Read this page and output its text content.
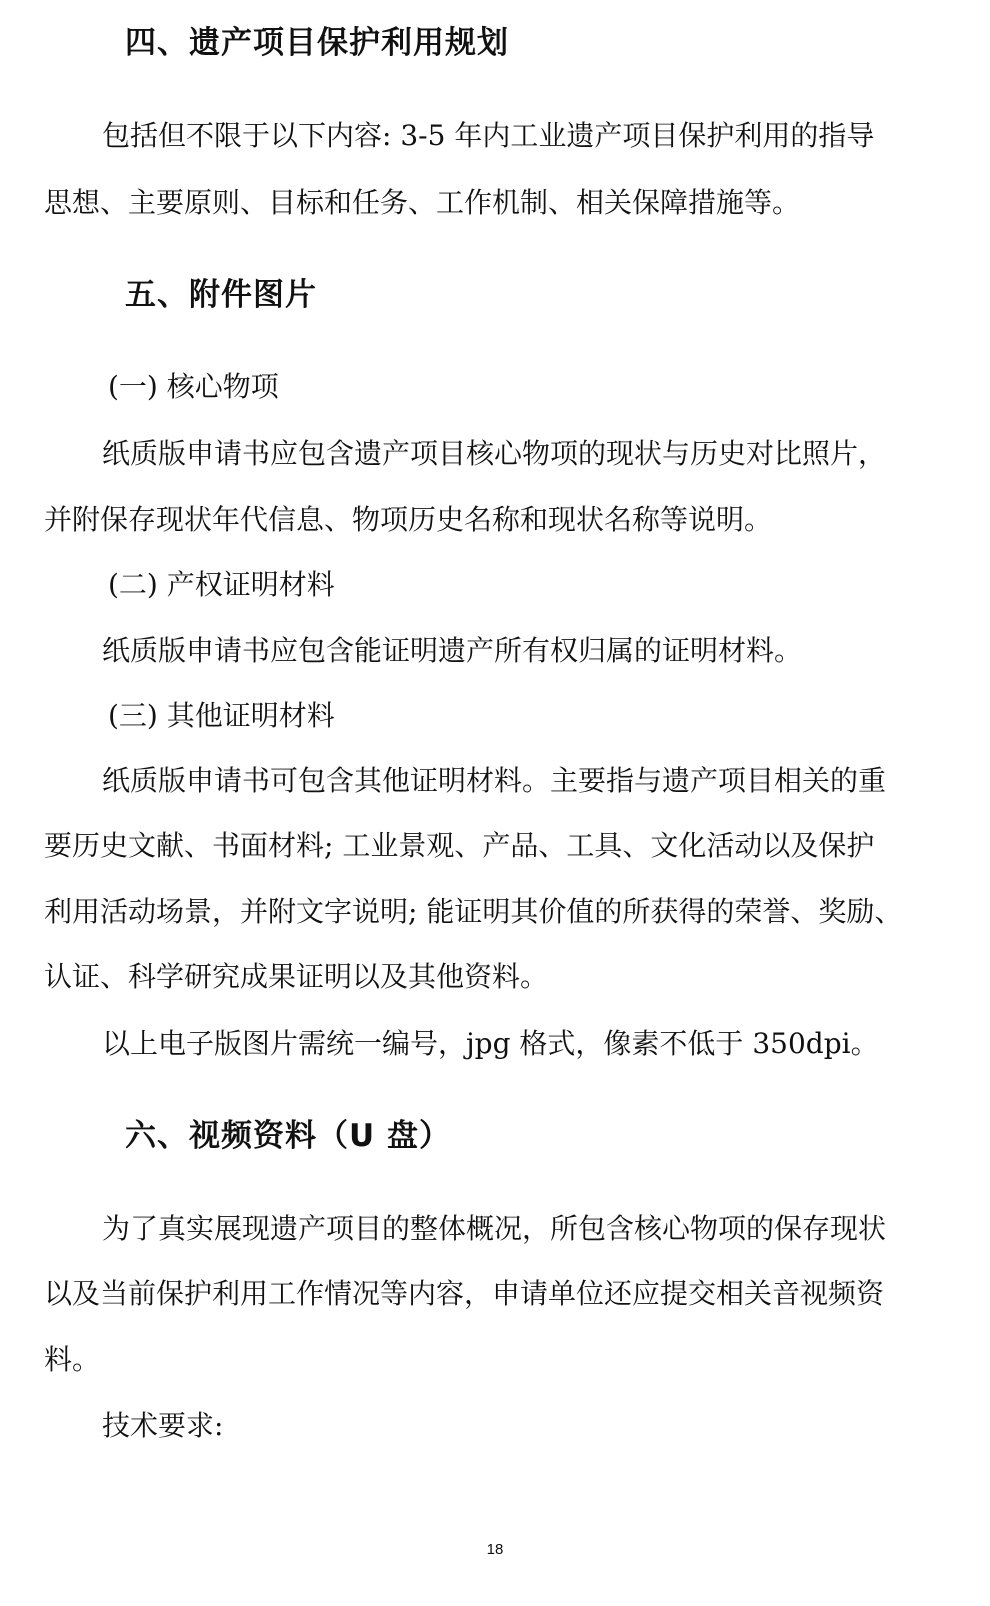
四、遗产项目保护利用规划
包括但不限于以下内容: 3-5 年内工业遗产项目保护利用的指导
思想、主要原则、目标和任务、工作机制、相关保障措施等。
五、附件图片
(一) 核心物项
纸质版申请书应包含遗产项目核心物项的现状与历史对比照片，
并附保存现状年代信息、物项历史名称和现状名称等说明。
(二) 产权证明材料
纸质版申请书应包含能证明遗产所有权归属的证明材料。
(三) 其他证明材料
纸质版申请书可包含其他证明材料。主要指与遗产项目相关的重
要历史文献、书面材料; 工业景观、产品、工具、文化活动以及保护
利用活动场景，并附文字说明; 能证明其价值的所获得的荣誉、奖励、
认证、科学研究成果证明以及其他资料。
以上电子版图片需统一编号，jpg 格式，像素不低于 350dpi。
六、视频资料（U 盘）
为了真实展现遗产项目的整体概况，所包含核心物项的保存现状
以及当前保护利用工作情况等内容，申请单位还应提交相关音视频资
料。
技术要求:
18
